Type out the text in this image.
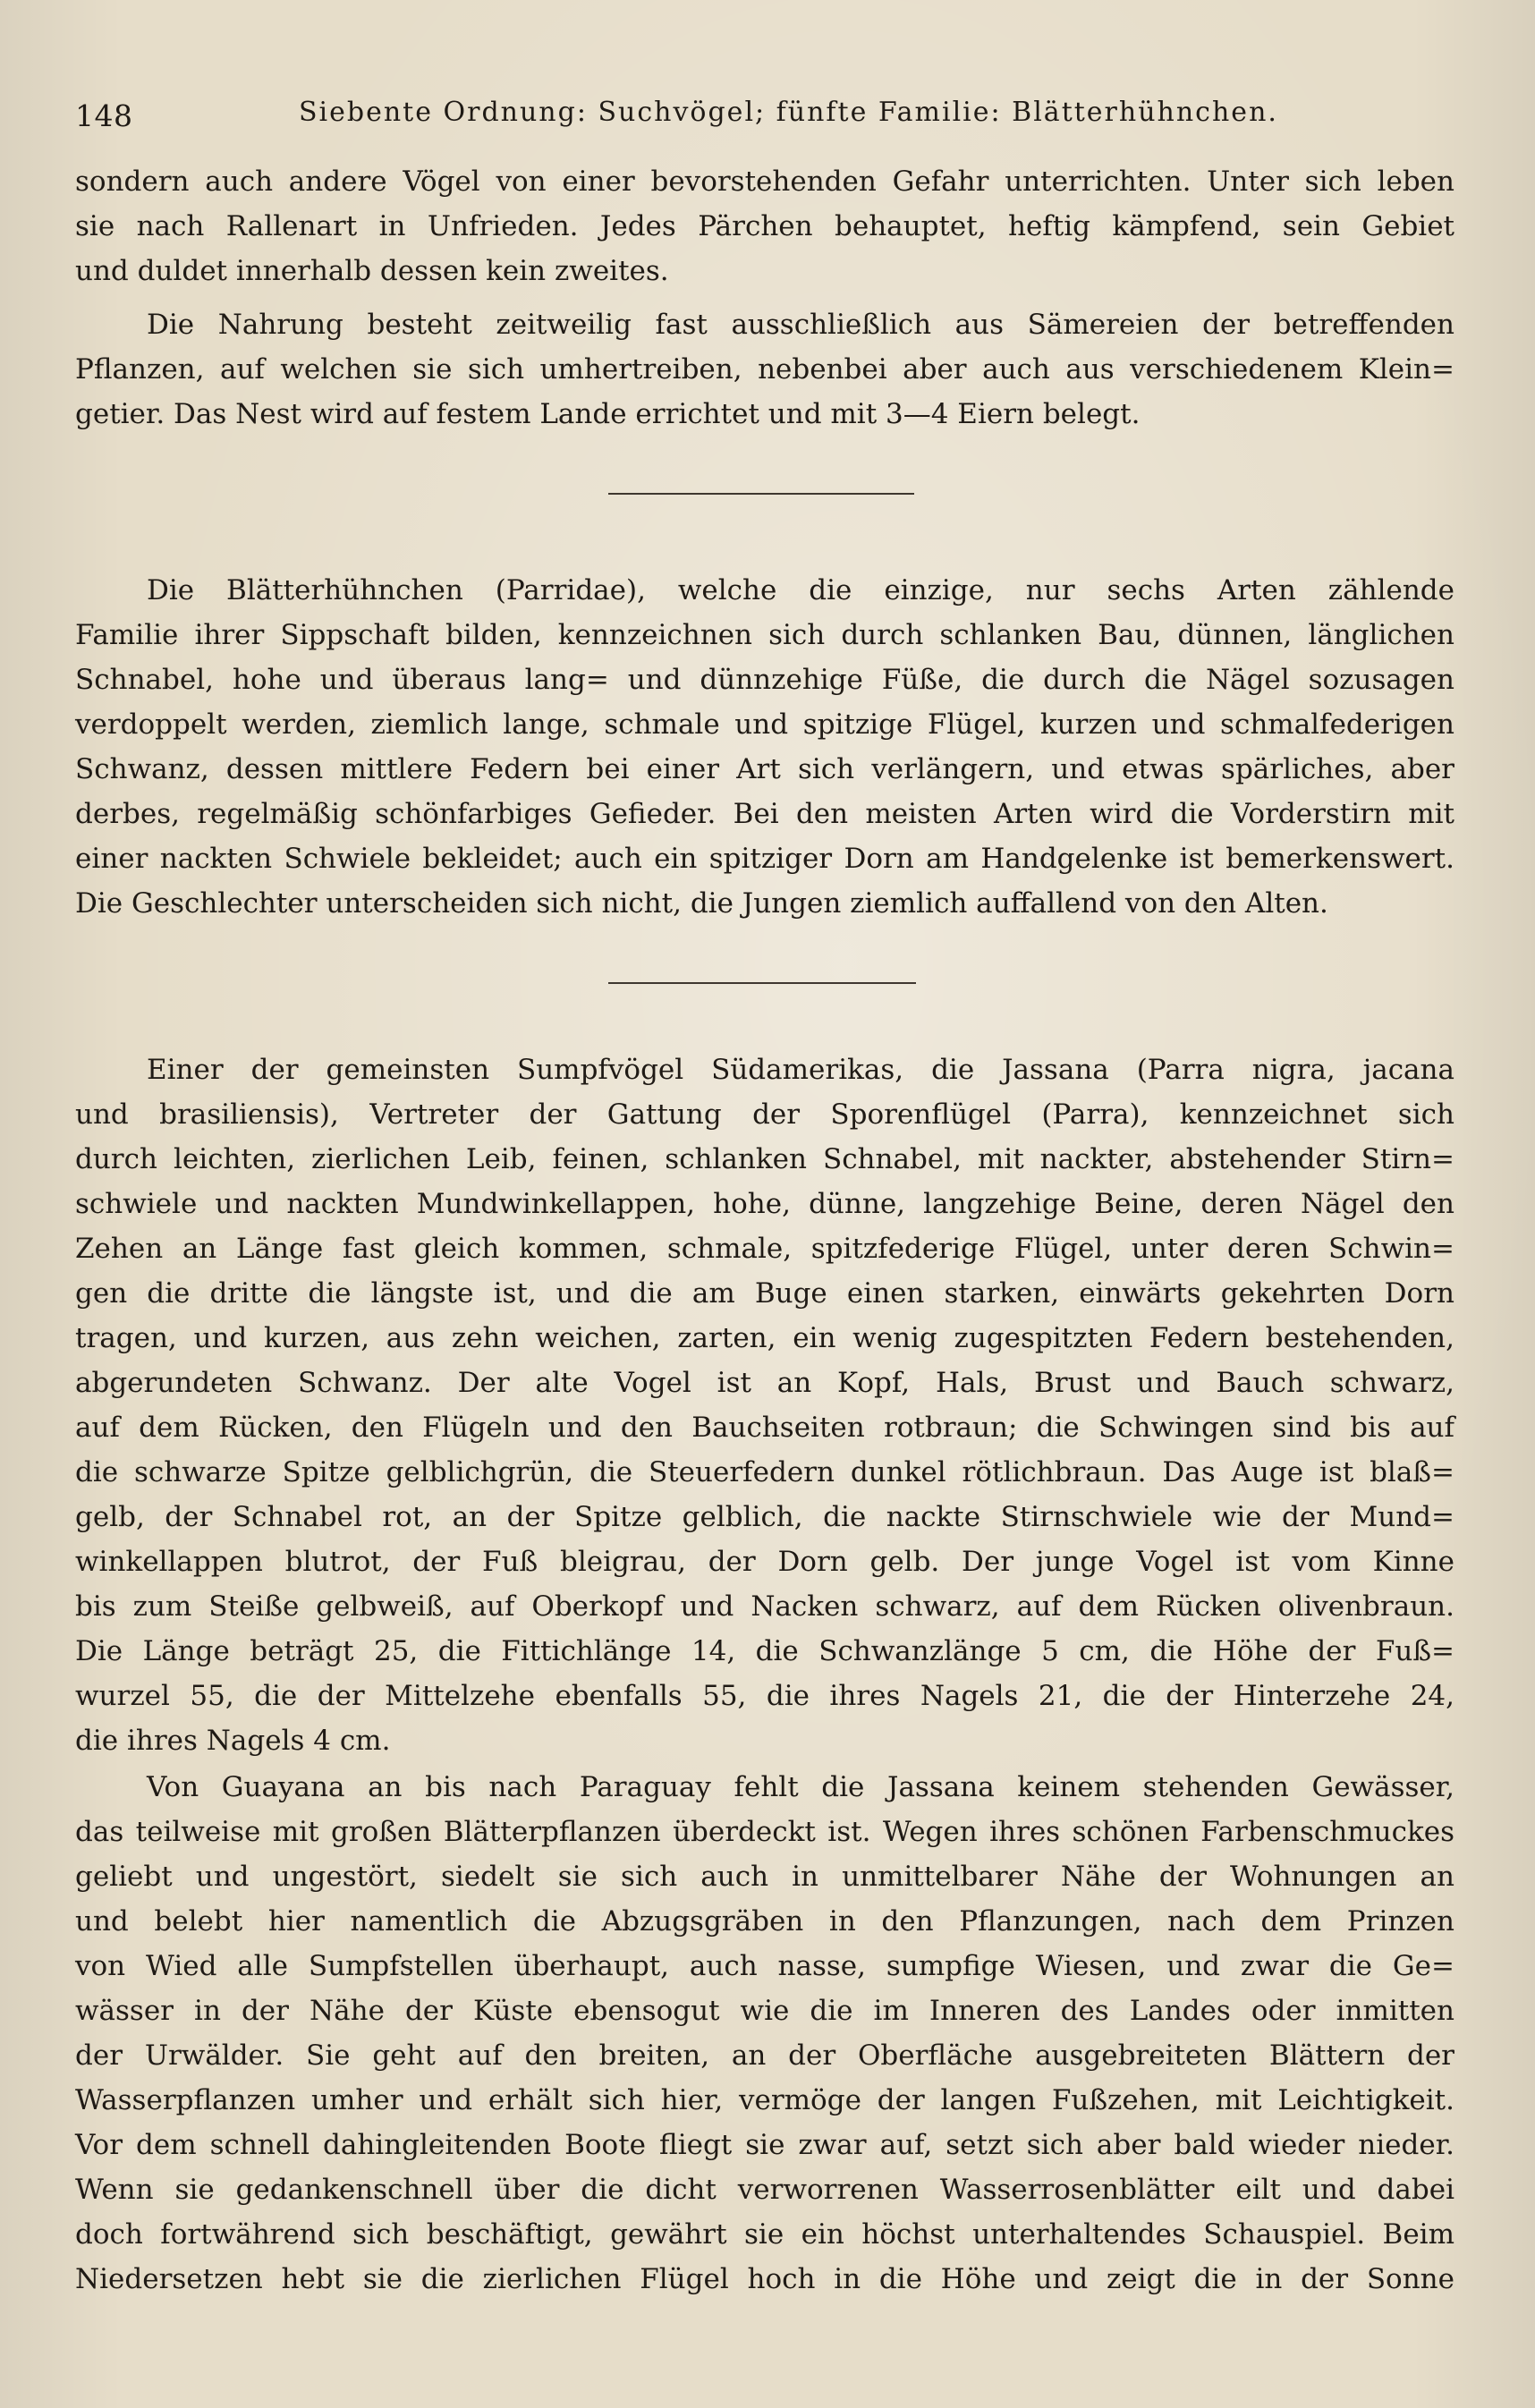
148	Siebente Ordnung: Suchvögel; fünfte Familie: Blätterhühnchen.
sondern auch andere Vögel von einer bevorstehenden Gefahr unterrichten. Unter sich leben
sie nach Rallenart in Unfrieden. Jedes Pärchen behauptet, heftig kämpfend, sein Gebiet
und duldet innerhalb dessen kein zweites.
Die Nahrung besteht zeitweilig fast ausschließlich aus Sämereien der betreffenden
Pflanzen, auf welchen sie sich umhertreiben, nebenbei aber auch aus verschiedenem Klein=
getier. Das Nest wird auf festem Lande errichtet und mit 3—4 Eiern belegt.
Die Blätterhühnchen (Parridae), welche die einzige, nur sechs Arten zählende
Familie ihrer Sippschaft bilden, kennzeichnen sich durch schlanken Bau, dünnen, länglichen
Schnabel, hohe und überaus lang= und dünnzehige Füße, die durch die Nägel sozusagen
verdoppelt werden, ziemlich lange, schmale und spitzige Flügel, kurzen und schmalfederigen
Schwanz, dessen mittlere Federn bei einer Art sich verlängern, und etwas spärliches, aber
derbes, regelmäßig schönfarbiges Gefieder. Bei den meisten Arten wird die Vorderstirn mit
einer nackten Schwiele bekleidet; auch ein spitziger Dorn am Handgelenke ist bemerkenswert.
Die Geschlechter unterscheiden sich nicht, die Jungen ziemlich auffallend von den Alten.
Einer der gemeinsten Sumpfvögel Südamerikas, die Jassana (Parra nigra, jacana
und brasiliensis), Vertreter der Gattung der Sporenflügel (Parra), kennzeichnet sich
durch leichten, zierlichen Leib, feinen, schlanken Schnabel, mit nackter, abstehender Stirn=
schwiele und nackten Mundwinkellappen, hohe, dünne, langzehige Beine, deren Nägel den
Zehen an Länge fast gleich kommen, schmale, spitzfederige Flügel, unter deren Schwin=
gen die dritte die längste ist, und die am Buge einen starken, einwärts gekehrten Dorn
tragen, und kurzen, aus zehn weichen, zarten, ein wenig zugespitzten Federn bestehenden,
abgerundeten Schwanz. Der alte Vogel ist an Kopf, Hals, Brust und Bauch schwarz,
auf dem Rücken, den Flügeln und den Bauchseiten rotbraun; die Schwingen sind bis auf
die schwarze Spitze gelblichgrün, die Steuerfedern dunkel rötlichbraun. Das Auge ist blaß=
gelb, der Schnabel rot, an der Spitze gelblich, die nackte Stirnschwiele wie der Mund=
winkellappen blutrot, der Fuß bleigrau, der Dorn gelb. Der junge Vogel ist vom Kinne
bis zum Steiße gelbweiß, auf Oberkopf und Nacken schwarz, auf dem Rücken olivenbraun.
Die Länge beträgt 25, die Fittichlänge 14, die Schwanzlänge 5 cm, die Höhe der Fuß=
wurzel 55, die der Mittelzehe ebenfalls 55, die ihres Nagels 21, die der Hinterzehe 24,
die ihres Nagels 4 cm.
Von Guayana an bis nach Paraguay fehlt die Jassana keinem stehenden Gewässer,
das teilweise mit großen Blätterpflanzen überdeckt ist. Wegen ihres schönen Farbenschmuckes
geliebt und ungestört, siedelt sie sich auch in unmittelbarer Nähe der Wohnungen an
und belebt hier namentlich die Abzugsgräben in den Pflanzungen, nach dem Prinzen
von Wied alle Sumpfstellen überhaupt, auch nasse, sumpfige Wiesen, und zwar die Ge=
wässer in der Nähe der Küste ebensogut wie die im Inneren des Landes oder inmitten
der Urwälder. Sie geht auf den breiten, an der Oberfläche ausgebreiteten Blättern der
Wasserpflanzen umher und erhält sich hier, vermöge der langen Fußzehen, mit Leichtigkeit.
Vor dem schnell dahingleitenden Boote fliegt sie zwar auf, setzt sich aber bald wieder nieder.
Wenn sie gedankenschnell über die dicht verworrenen Wasserrosenblätter eilt und dabei
doch fortwährend sich beschäftigt, gewährt sie ein höchst unterhaltendes Schauspiel. Beim
Niedersetzen hebt sie die zierlichen Flügel hoch in die Höhe und zeigt die in der Sonne
